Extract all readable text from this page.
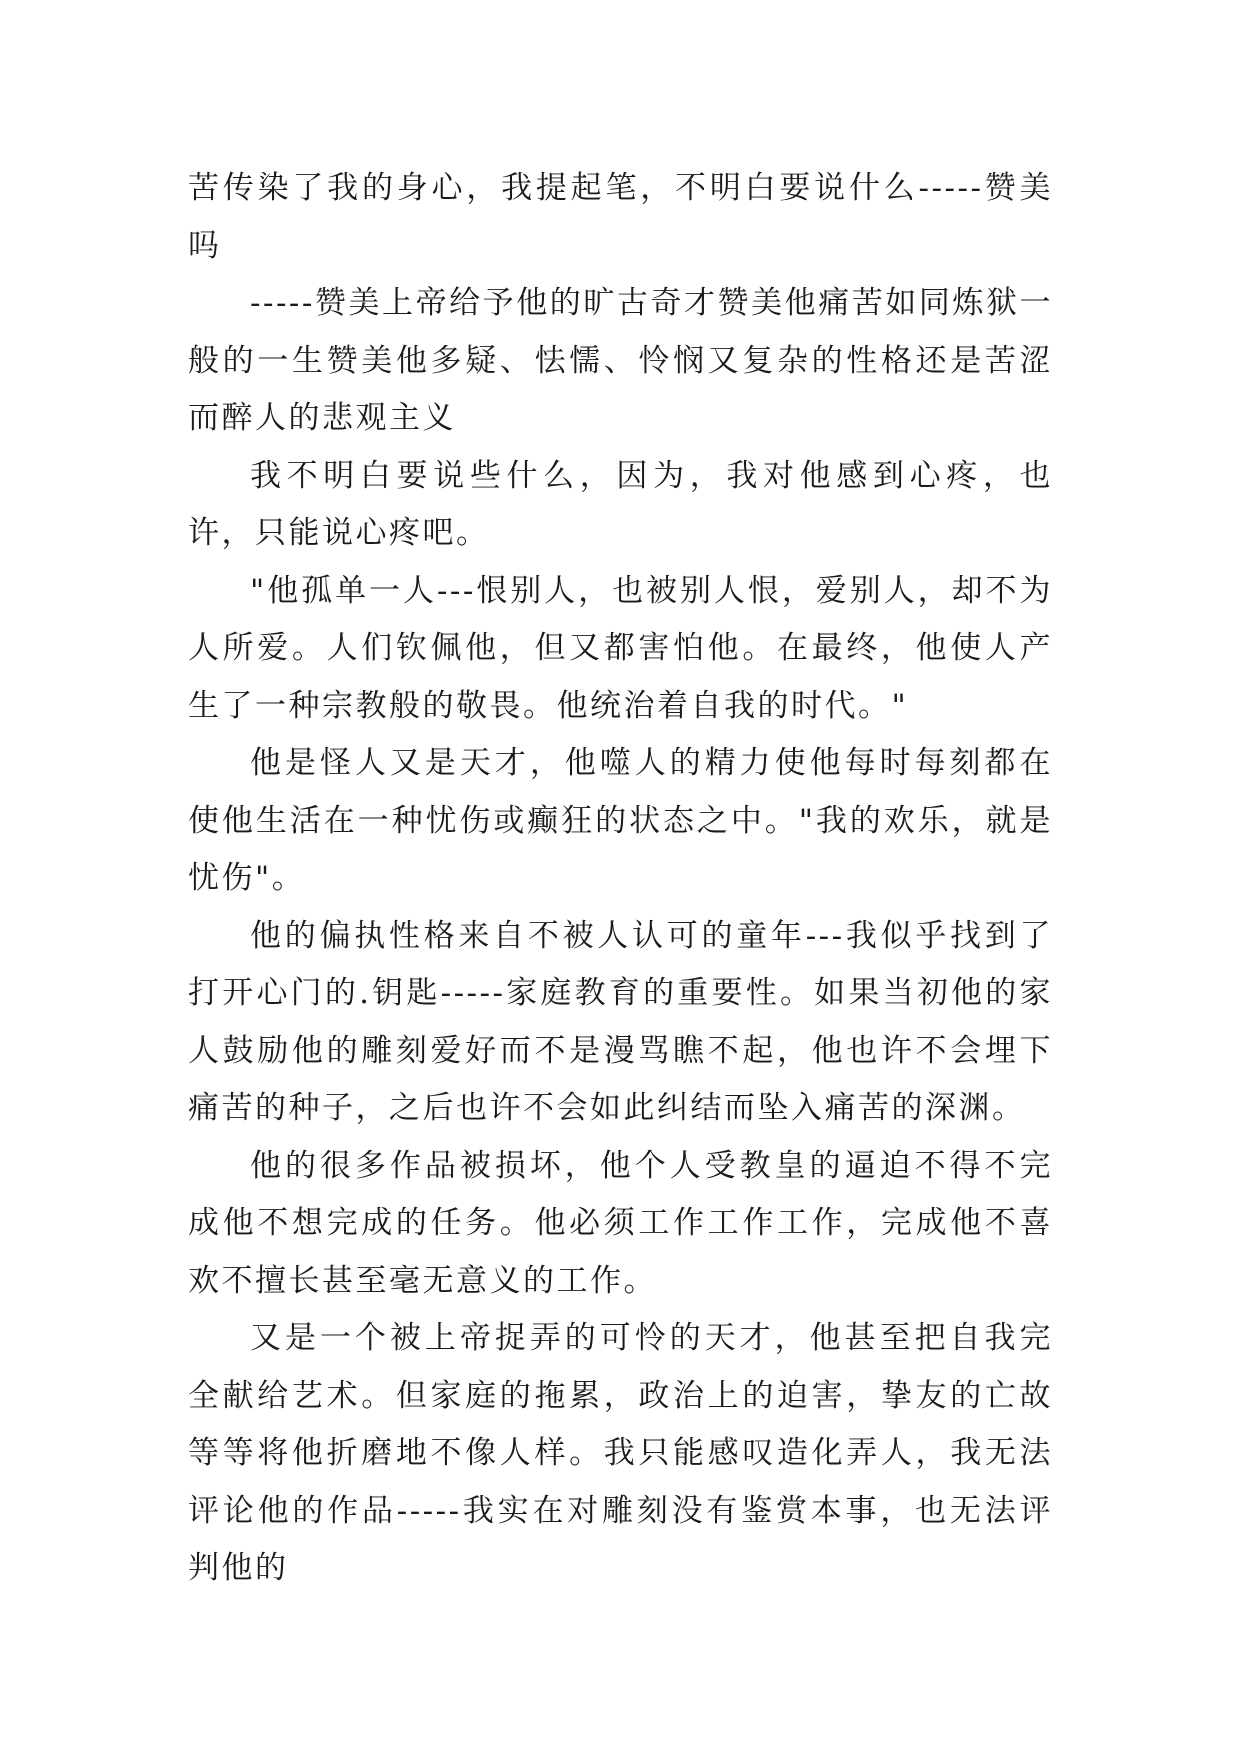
苦传染了我的身心，我提起笔，不明白要说什么-----赞美吗

-----赞美上帝给予他的旷古奇才赞美他痛苦如同炼狱一般的一生赞美他多疑、怯懦、怜悯又复杂的性格还是苦涩而醉人的悲观主义

我不明白要说些什么，因为，我对他感到心疼，也许，只能说心疼吧。

"他孤单一人---恨别人，也被别人恨，爱别人，却不为人所爱。人们钦佩他，但又都害怕他。在最终，他使人产生了一种宗教般的敬畏。他统治着自我的时代。"

他是怪人又是天才，他噬人的精力使他每时每刻都在使他生活在一种忧伤或癫狂的状态之中。"我的欢乐，就是忧伤"。

他的偏执性格来自不被人认可的童年---我似乎找到了打开心门的.钥匙-----家庭教育的重要性。如果当初他的家人鼓励他的雕刻爱好而不是漫骂瞧不起，他也许不会埋下痛苦的种子，之后也许不会如此纠结而坠入痛苦的深渊。

他的很多作品被损坏，他个人受教皇的逼迫不得不完成他不想完成的任务。他必须工作工作工作，完成他不喜欢不擅长甚至毫无意义的工作。

又是一个被上帝捉弄的可怜的天才，他甚至把自我完全献给艺术。但家庭的拖累，政治上的迫害，挚友的亡故等等将他折磨地不像人样。我只能感叹造化弄人，我无法评论他的作品-----我实在对雕刻没有鉴赏本事，也无法评判他的
